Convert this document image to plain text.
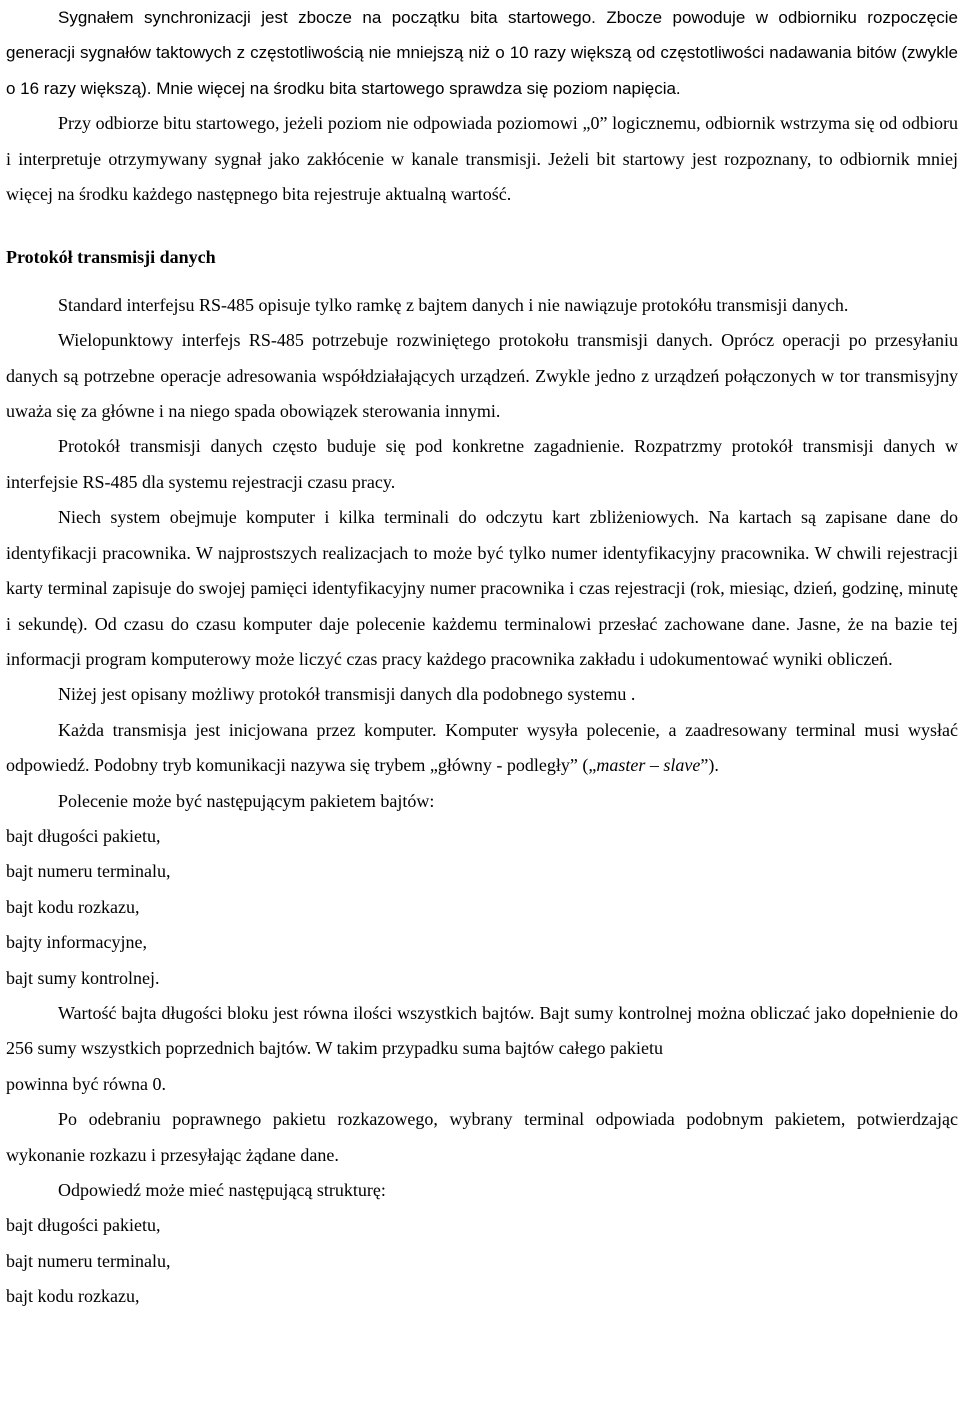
Sygnałem synchronizacji jest zbocze na początku bita startowego. Zbocze powoduje w odbiorniku rozpoczęcie generacji sygnałów taktowych z częstotliwością nie mniejszą niż o 10 razy większą od częstotliwości nadawania bitów (zwykle o 16 razy większą). Mnie więcej na środku bita startowego sprawdza się poziom napięcia.

Przy odbiorze bitu startowego, jeżeli poziom nie odpowiada poziomowi „0” logicznemu, odbiornik wstrzyma się od odbioru i interpretuje otrzymywany sygnał jako zakłócenie w kanale transmisji. Jeżeli bit startowy jest rozpoznany, to odbiornik mniej więcej na środku każdego następnego bita rejestruje aktualną wartość.

Protokół transmisji danych

Standard interfejsu RS-485 opisuje tylko ramkę z bajtem danych i nie nawiązuje protokółu transmisji danych.

Wielopunktowy interfejs RS-485 potrzebuje rozwiniętego protokołu transmisji danych. Oprócz operacji po przesyłaniu danych są potrzebne operacje adresowania współdziałających urządzeń. Zwykle jedno z urządzeń połączonych w tor transmisyjny uważa się za główne i na niego spada obowiązek sterowania innymi.

Protokół transmisji danych często buduje się pod konkretne zagadnienie. Rozpatrzmy protokół transmisji danych w interfejsie RS-485 dla systemu rejestracji czasu pracy.

Niech system obejmuje komputer i kilka terminali do odczytu kart zbliżeniowych. Na kartach są zapisane dane do identyfikacji pracownika. W najprostszych realizacjach to może być tylko numer identyfikacyjny pracownika. W chwili rejestracji karty terminal zapisuje do swojej pamięci identyfikacyjny numer pracownika i czas rejestracji (rok, miesiąc, dzień, godzinę, minutę i sekundę). Od czasu do czasu komputer daje polecenie każdemu terminalowi przesłać zachowane dane. Jasne, że na bazie tej informacji program komputerowy może liczyć czas pracy każdego pracownika zakładu i udokumentować wyniki obliczeń.

Niżej jest opisany możliwy protokół transmisji danych dla podobnego systemu .

Każda transmisja jest inicjowana przez komputer. Komputer wysyła polecenie, a zaadresowany terminal musi wysłać odpowiedź. Podobny tryb komunikacji nazywa się trybem „główny - podległy” („master – slave”).

Polecenie może być następującym pakietem bajtów:

bajt długości pakietu,

bajt numeru terminalu,

bajt kodu rozkazu,

bajty informacyjne,

bajt sumy kontrolnej.

Wartość bajta długości bloku jest równa ilości wszystkich bajtów. Bajt sumy kontrolnej można obliczać jako dopełnienie do 256 sumy wszystkich poprzednich bajtów. W takim przypadku suma bajtów całego pakietu

powinna być równa 0.

Po odebraniu poprawnego pakietu rozkazowego, wybrany terminal odpowiada podobnym pakietem, potwierdzając wykonanie rozkazu i przesyłając żądane dane.

Odpowiedź może mieć następującą strukturę:

bajt długości pakietu,

bajt numeru terminalu,

bajt kodu rozkazu,
